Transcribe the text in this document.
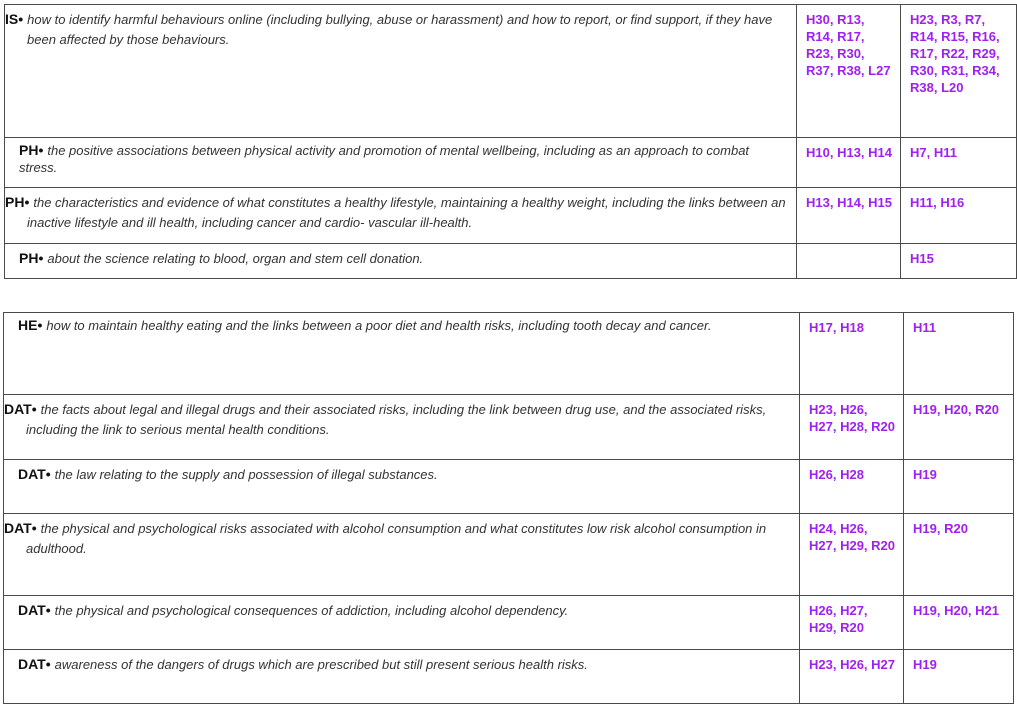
IS• how to identify harmful behaviours online (including bullying, abuse or harassment) and how to report, or find support, if they have been affected by those behaviours.	H30, R13, R14, R17, R23, R30, R37, R38, L27	H23, R3, R7, R14, R15, R16, R17, R22, R29, R30, R31, R34, R38, L20
PH• the positive associations between physical activity and promotion of mental wellbeing, including as an approach to combat stress.	H10, H13, H14	H7, H11
PH• the characteristics and evidence of what constitutes a healthy lifestyle, maintaining a healthy weight, including the links between an inactive lifestyle and ill health, including cancer and cardio- vascular ill-health.	H13, H14, H15	H11, H16
PH• about the science relating to blood, organ and stem cell donation.		H15
HE• how to maintain healthy eating and the links between a poor diet and health risks, including tooth decay and cancer.	H17, H18	H11
DAT• the facts about legal and illegal drugs and their associated risks, including the link between drug use, and the associated risks, including the link to serious mental health conditions.	H23, H26, H27, H28, R20	H19, H20, R20
DAT• the law relating to the supply and possession of illegal substances.	H26, H28	H19
DAT• the physical and psychological risks associated with alcohol consumption and what constitutes low risk alcohol consumption in adulthood.	H24, H26, H27, H29, R20	H19, R20
DAT• the physical and psychological consequences of addiction, including alcohol dependency.	H26, H27, H29, R20	H19, H20, H21
DAT• awareness of the dangers of drugs which are prescribed but still present serious health risks.	H23, H26, H27	H19
